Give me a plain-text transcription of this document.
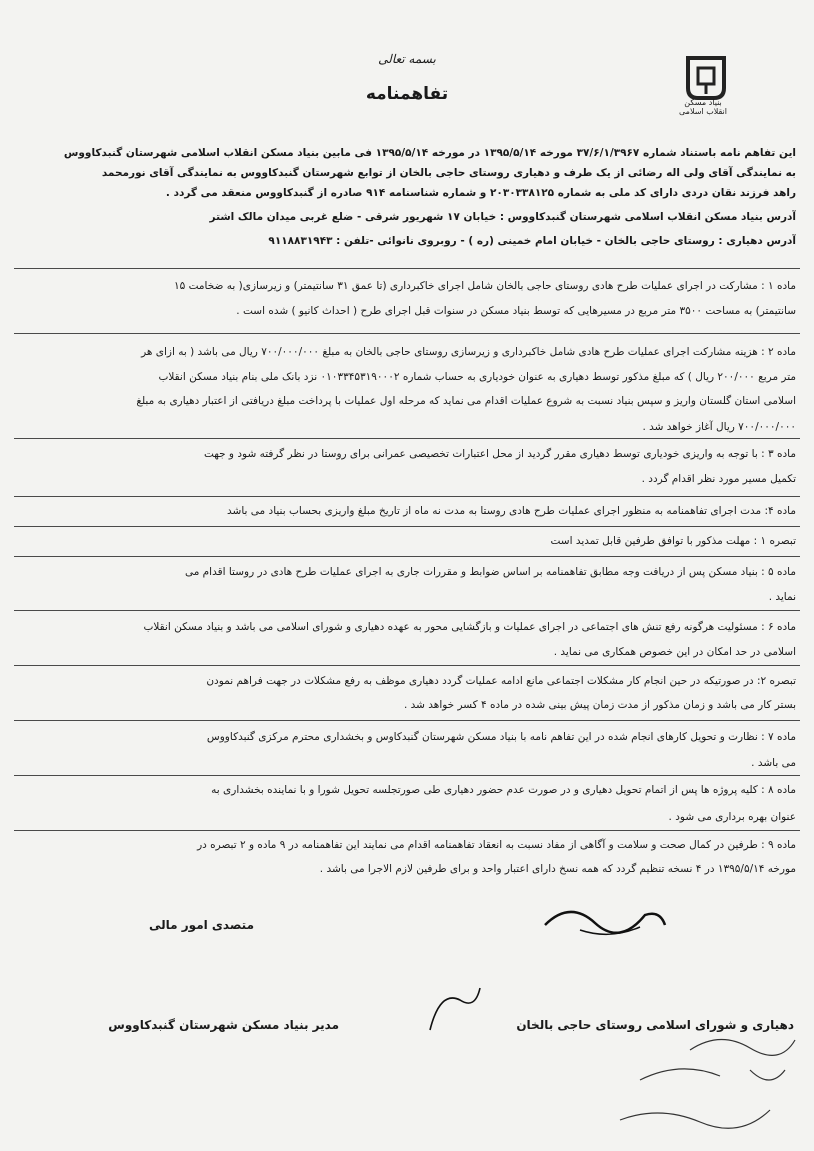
بنیاد مسکن انقلاب اسلامی
بسمه تعالی
تفاهمنامه
این تفاهم نامه باستناد شماره ۳۷/۶/۱/۳۹۶۷ مورخه ۱۳۹۵/۵/۱۴ در مورخه ۱۳۹۵/۵/۱۴ فی مابین بنیاد مسکن انقلاب اسلامی شهرستان گنبدکاووس
به نمایندگی آقای ولی اله رضائی از یک طرف و دهیاری روستای حاجی بالخان از توابع شهرستان گنبدکاووس به نمایندگی آقای نورمحمد
راهد فرزند نقان دردی دارای کد ملی به شماره ۲۰۳۰۳۳۸۱۲۵ و شماره شناسنامه ۹۱۴ صادره از گنبدکاووس منعقد می گردد .
آدرس بنیاد مسکن انقلاب اسلامی شهرستان گنبدکاووس : خیابان ۱۷ شهریور شرقی - ضلع غربی میدان مالک اشتر
آدرس دهیاری : روستای حاجی بالخان - خیابان امام خمینی (ره ) - روبروی نانوائی -تلفن : ۹۱۱۸۸۳۱۹۴۳
ماده ۱ : مشارکت در اجرای عملیات طرح هادی روستای حاجی بالخان شامل اجرای خاکبرداری (تا عمق ۳۱ سانتیمتر) و زیرسازی( به ضخامت ۱۵
سانتیمتر) به مساحت ۳۵۰۰ متر مربع در مسیرهایی که توسط بنیاد مسکن در سنوات قبل اجرای طرح ( احداث کانیو ) شده است .
ماده ۲ : هزینه مشارکت اجرای عملیات طرح هادی شامل خاکبرداری و زیرسازی روستای حاجی بالخان به مبلغ ۷۰۰/۰۰۰/۰۰۰ ریال می باشد ( به ازای هر
متر مربع ۲۰۰/۰۰۰ ریال ) که مبلغ مذکور توسط دهیاری به عنوان خودیاری به حساب شماره ۰۱۰۳۳۴۵۳۱۹۰۰۰۲ نزد بانک ملی بنام بنیاد مسکن انقلاب
اسلامی استان گلستان واریز و سپس بنیاد نسبت به شروع عملیات اقدام می نماید که مرحله اول عملیات با پرداخت مبلغ دریافتی از اعتبار دهیاری به مبلغ
۷۰۰/۰۰۰/۰۰۰ ریال آغاز خواهد شد .
ماده ۳ : با توجه به واریزی خودیاری توسط دهیاری مقرر گردید از محل اعتبارات تخصیصی عمرانی برای روستا در نظر گرفته شود و جهت
تکمیل مسیر مورد نظر اقدام گردد .
ماده ۴: مدت اجرای تفاهمنامه به منظور اجرای عملیات طرح هادی روستا به مدت نه ماه از تاریخ مبلغ واریزی بحساب بنیاد می باشد
تبصره ۱ : مهلت مذکور با توافق طرفین قابل تمدید است
ماده ۵ : بنیاد مسکن پس از دریافت وجه مطابق تفاهمنامه بر اساس ضوابط و مقررات جاری به اجرای عملیات طرح هادی در روستا اقدام می
نماید .
ماده ۶ : مسئولیت هرگونه رفع تنش های اجتماعی در اجرای عملیات و بازگشایی محور به عهده دهیاری و شورای اسلامی می باشد و بنیاد مسکن انقلاب
اسلامی در حد امکان در این خصوص همکاری می نماید .
تبصره ۲: در صورتیکه در حین انجام کار مشکلات اجتماعی مانع ادامه عملیات گردد دهیاری موظف به رفع مشکلات در جهت فراهم نمودن
بستر کار می باشد و زمان مذکور از مدت زمان پیش بینی شده در ماده ۴ کسر خواهد شد .
ماده ۷ : نظارت و تحویل کارهای انجام شده در این تفاهم نامه با بنیاد مسکن شهرستان گنبدکاوس و بخشداری محترم مرکزی گنبدکاووس
می باشد .
ماده ۸ : کلیه پروژه ها پس از اتمام تحویل دهیاری و در صورت عدم حضور دهیاری طی صورتجلسه تحویل شورا و با نماینده بخشداری به
عنوان بهره برداری می شود .
ماده ۹ : طرفین در کمال صحت و سلامت و آگاهی از مفاد نسبت به انعقاد تفاهمنامه اقدام می نمایند این تفاهمنامه در ۹ ماده و ۲ تبصره در
مورخه ۱۳۹۵/۵/۱۴ در ۴ نسخه تنظیم گردد که همه نسخ دارای اعتبار واحد و برای طرفین لازم الاجرا می باشد .
متصدی امور مالی
مدیر بنیاد مسکن شهرستان گنبدکاووس	دهیاری و شورای اسلامی روستای حاجی بالخان
